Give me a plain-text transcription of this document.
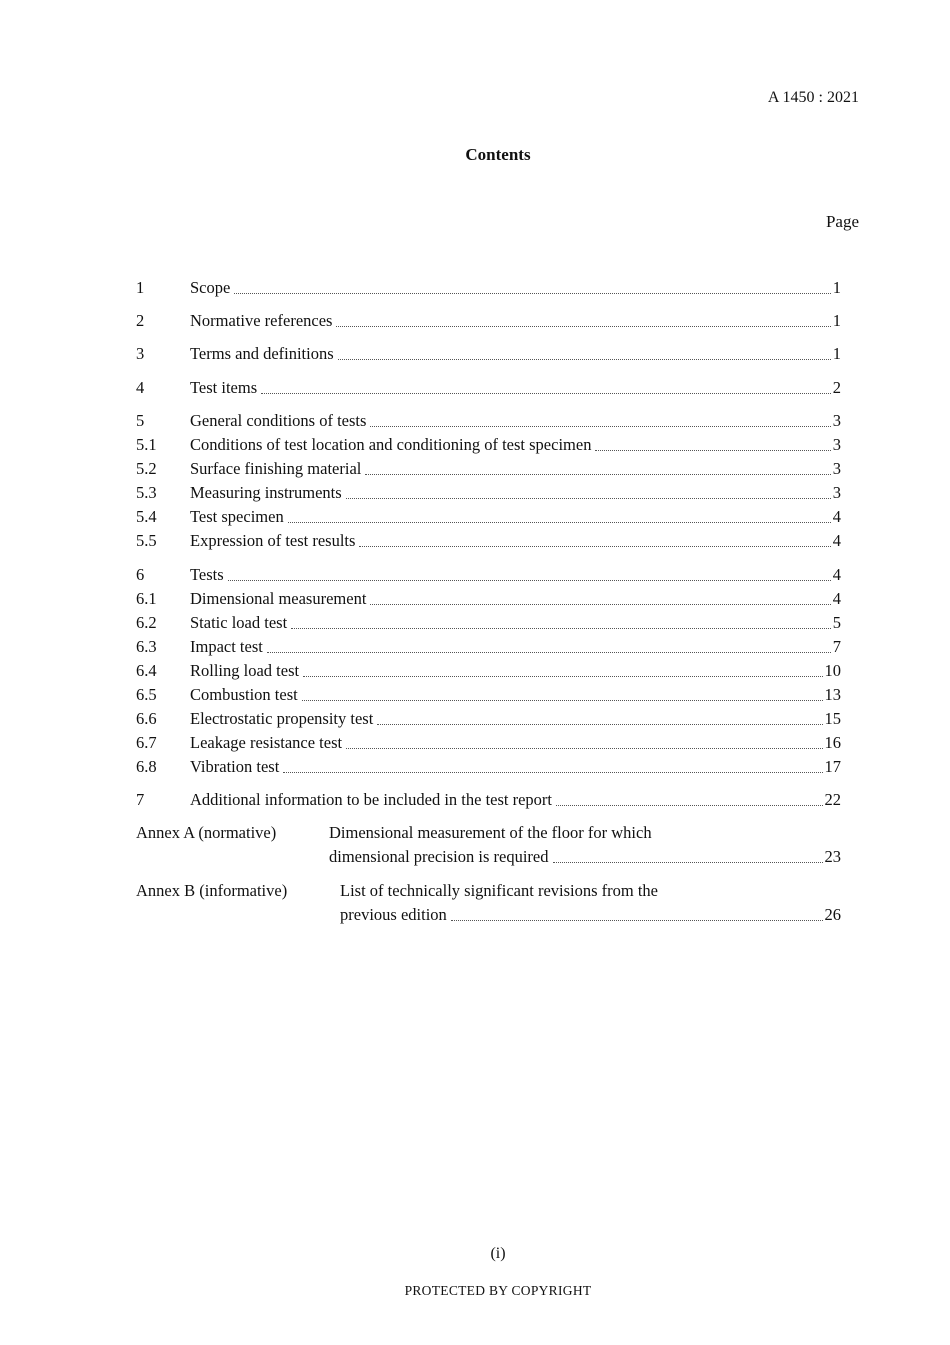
A 1450 : 2021
Contents
Page
1	Scope	1
2	Normative references	1
3	Terms and definitions	1
4	Test items	2
5	General conditions of tests	3
5.1	Conditions of test location and conditioning of test specimen	3
5.2	Surface finishing material	3
5.3	Measuring instruments	3
5.4	Test specimen	4
5.5	Expression of test results	4
6	Tests	4
6.1	Dimensional measurement	4
6.2	Static load test	5
6.3	Impact test	7
6.4	Rolling load test	10
6.5	Combustion test	13
6.6	Electrostatic propensity test	15
6.7	Leakage resistance test	16
6.8	Vibration test	17
7	Additional information to be included in the test report	22
Annex A (normative)	Dimensional measurement of the floor for which
dimensional precision is required	23
Annex B (informative)	List of technically significant revisions from the
previous edition	26
(i)
PROTECTED BY COPYRIGHT
